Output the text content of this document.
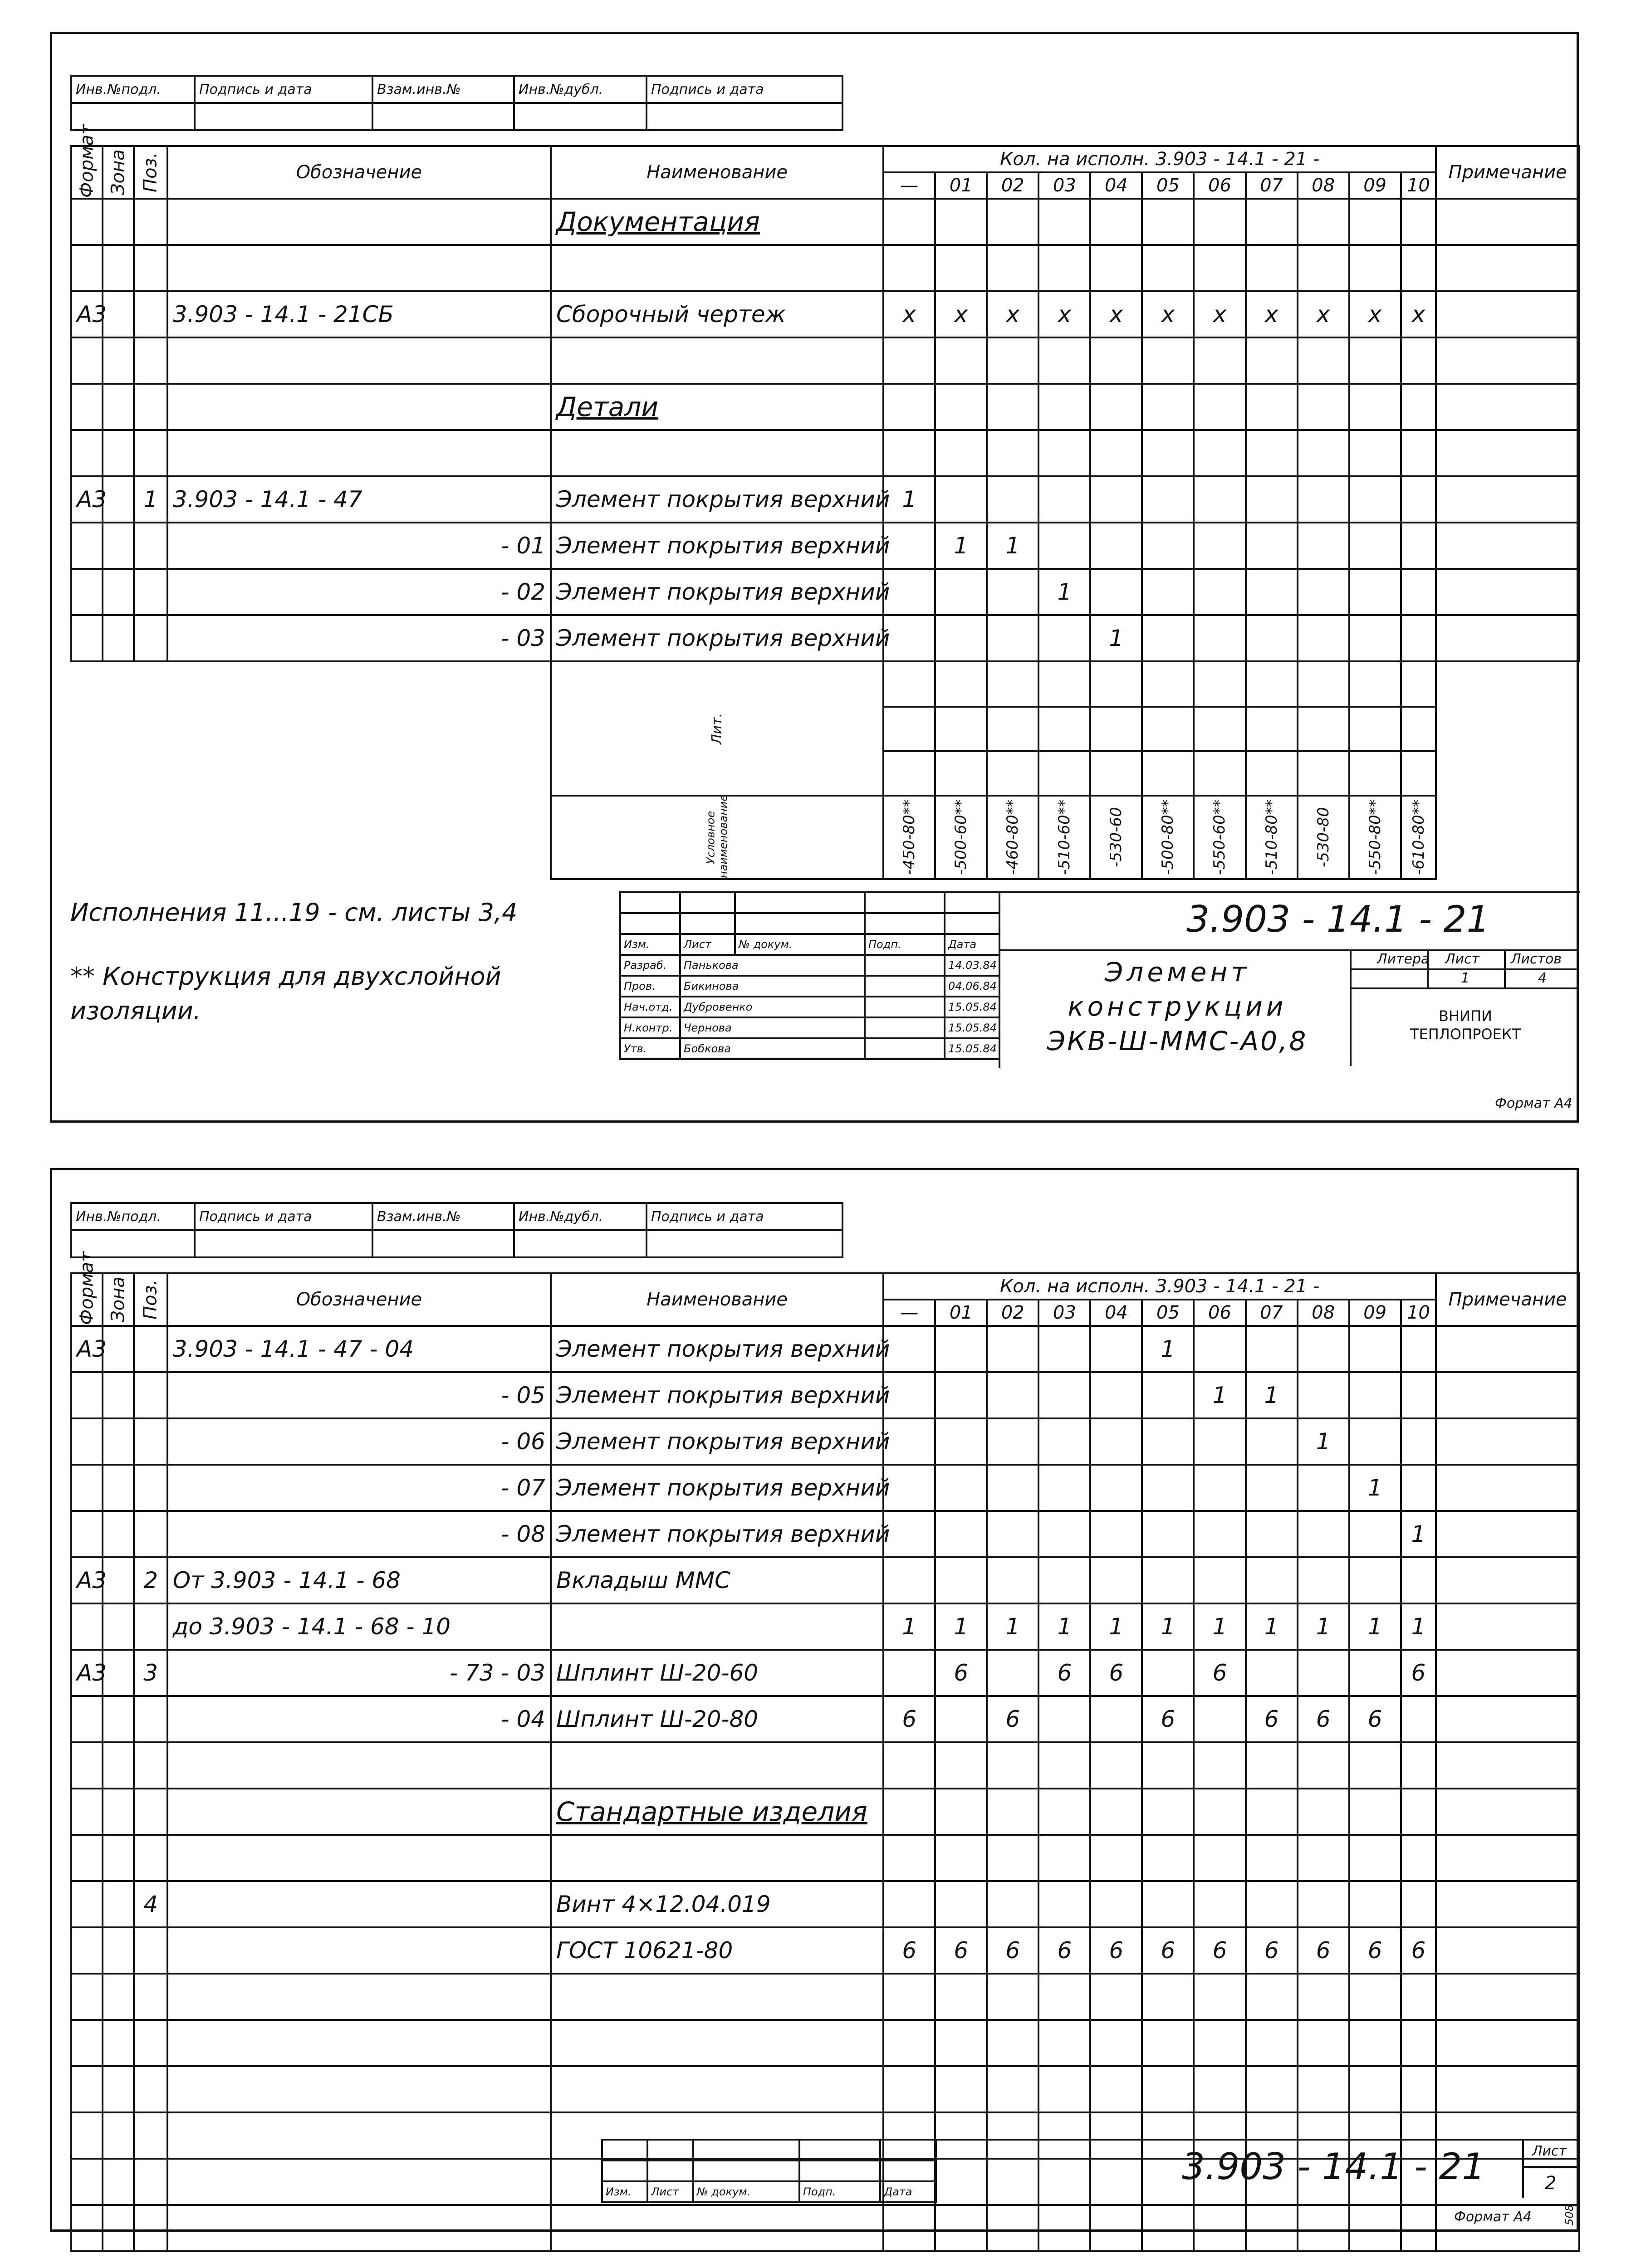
Инв.№подл.	Подпись и дата	Взам.инв.№	Инв.№дубл.	Подпись и дата

Формат	Зона	Поз.	Обозначение	Наименование	Кол. на исполн. 3.903 - 14.1 - 21 -											Примечание
					—	01	02	03	04	05	06	07	08	09	10	
				Документация												

A3			3.903 - 14.1 - 21СБ	Сборочный чертеж	x	x	x	x	x	x	x	x	x	x	x	

				Детали												

A3		1	3.903 - 14.1 - 47	Элемент покрытия верхний	1											
			- 01	Элемент покрытия верхний		1	1									
			- 02	Элемент покрытия верхний				1								
			- 03	Элемент покрытия верхний					1							
				Лит.												

				Условное наименование	-450-80**	-500-60**	-460-80**	-510-60**	-530-60	-500-80**	-550-60**	-510-80**	-530-80	-550-80**	-610-80**	
Исполнения 11...19 - см. листы 3,4
** Конструкция для двухслойной изоляции.

Изм.	Лист	№ докум.	Подп.	Дата
Разраб.	Панькова			14.03.84
Пров.	Бикинова			04.06.84
Нач.отд.	Дубровенко			15.05.84
Н.контр.	Чернова			15.05.84
Утв.	Бобкова			15.05.84
3.903 - 14.1 - 21
Литера Лист Листов
1	4
Элемент
конструкции
ЭКВ-Ш-ММС-А0,8
ВНИПИ
ТЕПЛОПРОЕКТ
Формат А4
Инв.№подл.	Подпись и дата	Взам.инв.№	Инв.№дубл.	Подпись и дата

Формат	Зона	Поз.	Обозначение	Наименование	Кол. на исполн. 3.903 - 14.1 - 21 -											Примечание
					—	01	02	03	04	05	06	07	08	09	10	
A3			3.903 - 14.1 - 47 - 04	Элемент покрытия верхний						1						
			- 05	Элемент покрытия верхний							1	1				
			- 06	Элемент покрытия верхний									1			
			- 07	Элемент покрытия верхний										1		
			- 08	Элемент покрытия верхний											1	
A3		2	От 3.903 - 14.1 - 68	Вкладыш ММС												
			до 3.903 - 14.1 - 68 - 10		1	1	1	1	1	1	1	1	1	1	1	
A3		3	- 73 - 03	Шплинт Ш-20-60		6		6	6		6				6	
			- 04	Шплинт Ш-20-80	6		6			6		6	6	6		

				Стандартные изделия												

		4		Винт 4×12.04.019												
				ГОСТ 10621-80	6	6	6	6	6	6	6	6	6	6	6	

Изм.	Лист	№ докум.	Подп.	Дата
3.903 - 14.1 - 21	Лист
2
Формат А4	508
